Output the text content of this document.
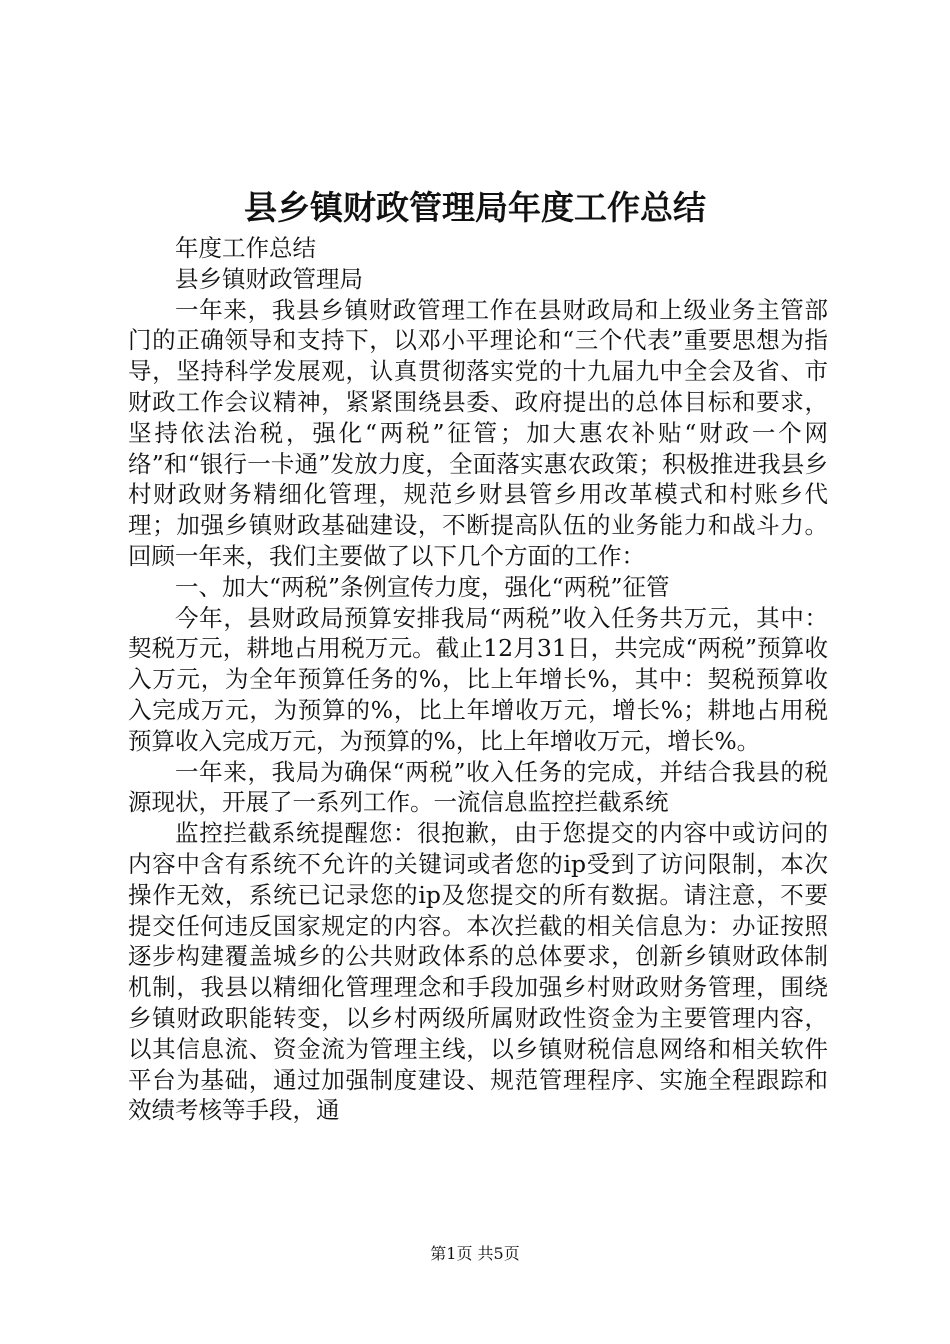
县乡镇财政管理局年度工作总结

年度工作总结

县乡镇财政管理局

一年来，我县乡镇财政管理工作在县财政局和上级业务主管部门的正确领导和支持下，以邓小平理论和“三个代表”重要思想为指导，坚持科学发展观，认真贯彻落实党的十九届九中全会及省、市财政工作会议精神，紧紧围绕县委、政府提出的总体目标和要求，坚持依法治税，强化“两税”征管；加大惠农补贴“财政一个网络”和“银行一卡通”发放力度，全面落实惠农政策；积极推进我县乡村财政财务精细化管理，规范乡财县管乡用改革模式和村账乡代理；加强乡镇财政基础建设，不断提高队伍的业务能力和战斗力。回顾一年来，我们主要做了以下几个方面的工作：

一、加大“两税”条例宣传力度，强化“两税”征管

今年，县财政局预算安排我局“两税”收入任务共万元，其中：契税万元，耕地占用税万元。截止12月31日，共完成“两税”预算收入万元，为全年预算任务的%，比上年增长%，其中：契税预算收入完成万元，为预算的%，比上年增收万元，增长%；耕地占用税预算收入完成万元，为预算的%，比上年增收万元，增长%。

一年来，我局为确保“两税”收入任务的完成，并结合我县的税源现状，开展了一系列工作。一流信息监控拦截系统

监控拦截系统提醒您：很抱歉，由于您提交的内容中或访问的内容中含有系统不允许的关键词或者您的ip受到了访问限制，本次操作无效，系统已记录您的ip及您提交的所有数据。请注意，不要提交任何违反国家规定的内容。本次拦截的相关信息为：办证按照逐步构建覆盖城乡的公共财政体系的总体要求，创新乡镇财政体制机制，我县以精细化管理理念和手段加强乡村财政财务管理，围绕乡镇财政职能转变，以乡村两级所属财政性资金为主要管理内容，以其信息流、资金流为管理主线，以乡镇财税信息网络和相关软件平台为基础，通过加强制度建设、规范管理程序、实施全程跟踪和效绩考核等手段，通

第1页 共5页
